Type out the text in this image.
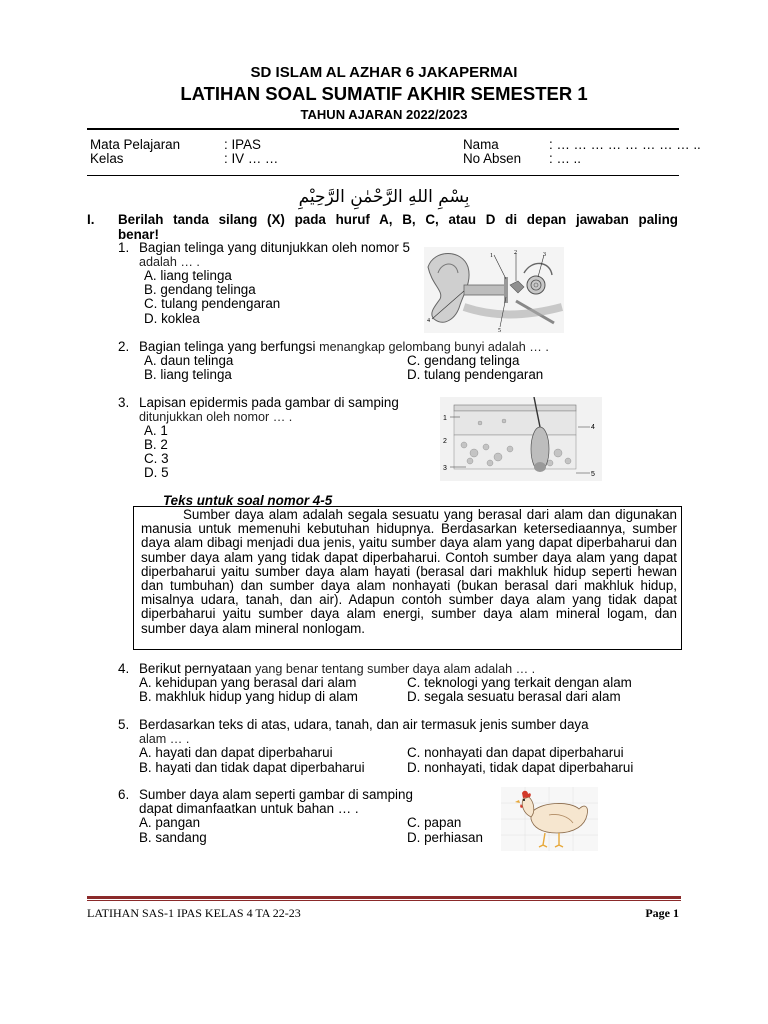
SD ISLAM AL AZHAR 6 JAKAPERMAI
LATIHAN SOAL SUMATIF AKHIR SEMESTER 1
TAHUN AJARAN 2022/2023
Mata Pelajaran	: IPAS
Kelas	: IV … …
Nama	: … … … … … … … … ..
No Absen : … ..
بِسْمِ اللهِ الرَّحْمٰنِ الرَّحِيْمِ
I. Berilah tanda silang (X) pada huruf A, B, C, atau D di depan jawaban paling
benar!
1. Bagian telinga yang ditunjukkan oleh nomor 5
adalah … .
A. liang telinga
B. gendang telinga
C. tulang pendengaran
D. koklea
1	2	3
4
5
2. Bagian telinga yang berfungsi menangkap gelombang bunyi adalah … .
A. daun telinga
B. liang telinga
C. gendang telinga
D. tulang pendengaran
3. Lapisan epidermis pada gambar di samping
ditunjukkan oleh nomor … .
A. 1
B. 2
C. 3
D. 5
1
2
3
4
5
Teks untuk soal nomor 4-5
Sumber daya alam adalah segala sesuatu yang berasal dari alam dan digunakan manusia untuk memenuhi kebutuhan hidupnya. Berdasarkan ketersediaannya, sumber daya alam dibagi menjadi dua jenis, yaitu sumber daya alam yang dapat diperbaharui dan sumber daya alam yang tidak dapat diperbaharui. Contoh sumber daya alam yang dapat diperbaharui yaitu sumber daya alam hayati (berasal dari makhluk hidup seperti hewan dan tumbuhan) dan sumber daya alam nonhayati (bukan berasal dari makhluk hidup, misalnya udara, tanah, dan air). Adapun contoh sumber daya alam yang tidak dapat diperbaharui yaitu sumber daya alam energi, sumber daya alam mineral logam, dan sumber daya alam mineral nonlogam.
4. Berikut pernyataan yang benar tentang sumber daya alam adalah … .
A. kehidupan yang berasal dari alam
B. makhluk hidup yang hidup di alam
C. teknologi yang terkait dengan alam
D. segala sesuatu berasal dari alam
5. Berdasarkan teks di atas, udara, tanah, dan air termasuk jenis sumber daya
alam … .
A. hayati dan dapat diperbaharui
B. hayati dan tidak dapat diperbaharui
C. nonhayati dan dapat diperbaharui
D. nonhayati, tidak dapat diperbaharui
6. Sumber daya alam seperti gambar di samping
dapat dimanfaatkan untuk bahan … .
A. pangan
B. sandang
C. papan
D. perhiasan
LATIHAN SAS-1 IPAS KELAS 4 TA 22-23	Page 1
